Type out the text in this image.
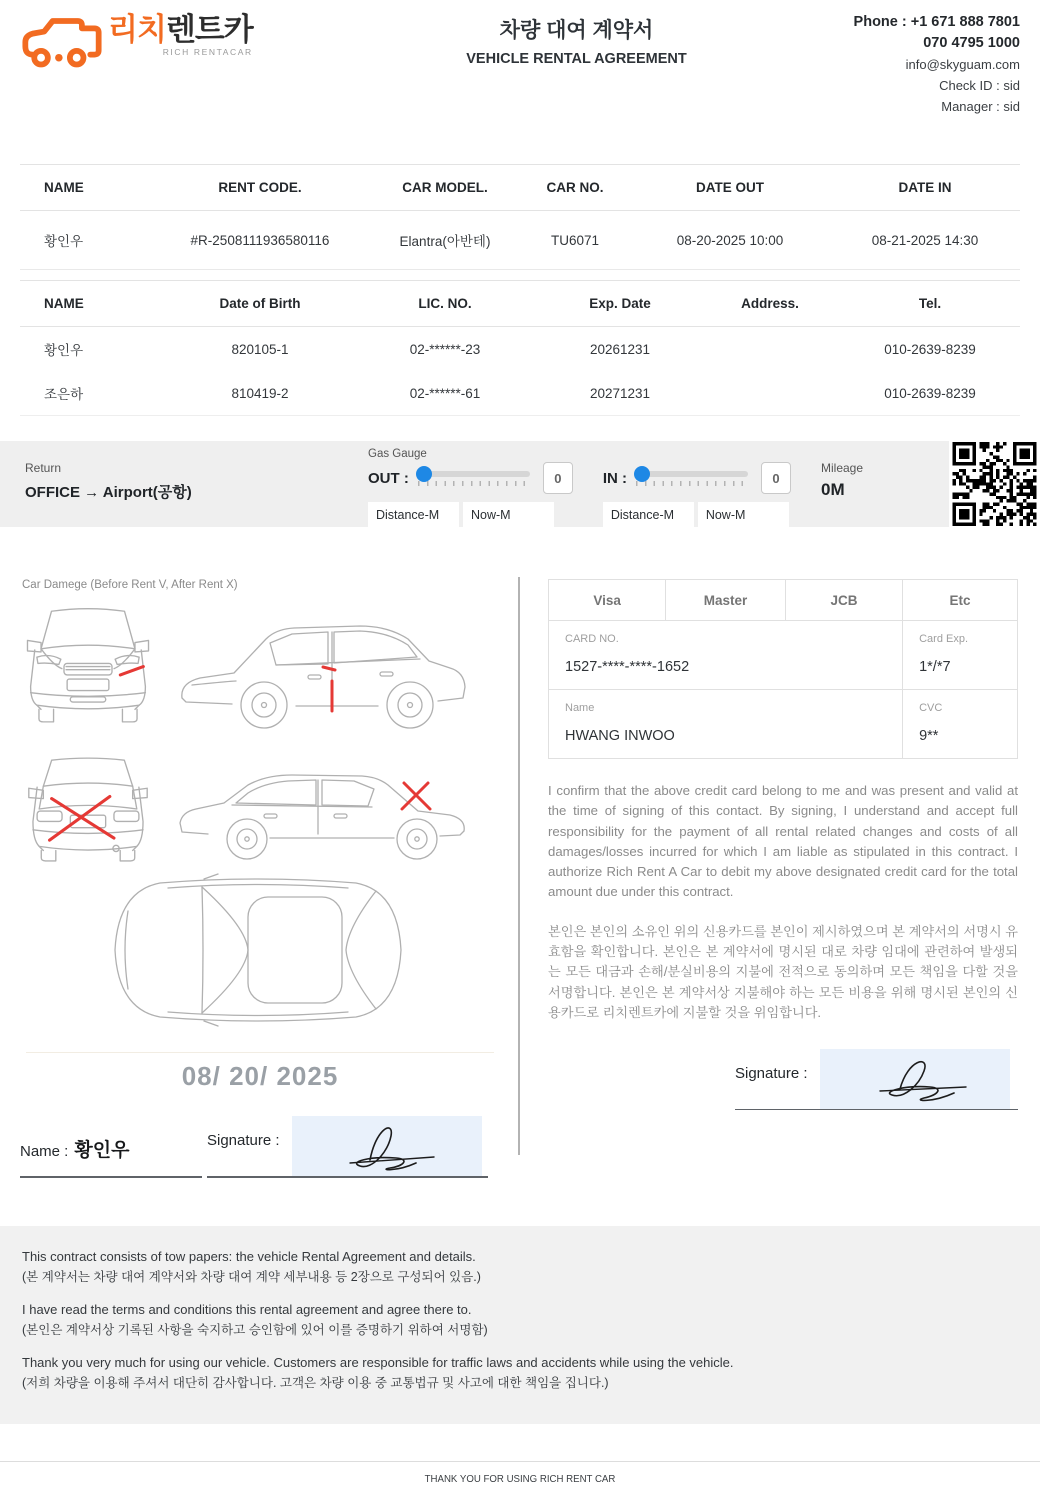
리치렌트카
RICH RENTACAR
차량 대여 계약서
VEHICLE RENTAL AGREEMENT
Phone : +1 671 888 7801
070 4795 1000
info@skyguam.com
Check ID : sid
Manager : sid
NAME	RENT CODE.	CAR MODEL.	CAR NO.	DATE OUT	DATE IN
황인우	#R-2508111936580116	Elantra(아반테)	TU6071	08-20-2025 10:00	08-21-2025 14:30
NAME	Date of Birth	LIC. NO.	Exp. Date	Address.	Tel.
황인우	820105-1	02-******-23	20261231		010-2639-8239
조은하	810419-2	02-******-61	20271231		010-2639-8239
Return
OFFICE → Airport(공항)
Gas Gauge
OUT :	0
Distance-M	Now-M
IN :	0
Distance-M	Now-M
Mileage
0M
Car Damege (Before Rent V, After Rent X)
08/ 20/ 2025
Name : 황인우	Signature :
Visa	Master	JCB	Etc

CARD NO.
1527-****-****-1652

Card Exp.
1*/*7

Name
HWANG INWOO

CVC
9**

I confirm that the above credit card belong to me and was present and valid at the time of signing of this contact. By signing, I understand and accept full responsibility for the payment of all rental related changes and costs of all damages/losses incurred for which I am liable as stipulated in this contract. I authorize Rich Rent A Car to debit my above designated credit card for the total amount due under this contract.

본인은 본인의 소유인 위의 신용카드를 본인이 제시하였으며 본 계약서의 서명시 유효함을 확인합니다. 본인은 본 계약서에 명시된 대로 차량 임대에 관련하여 발생되는 모든 대금과 손해/분실비용의 지불에 전적으로 동의하며 모든 책임을 다할 것을 서명합니다. 본인은 본 계약서상 지불해야 하는 모든 비용을 위해 명시된 본인의 신용카드로 리치렌트카에 지불할 것을 위임합니다.

Signature :
This contract consists of tow papers: the vehicle Rental Agreement and details.
(본 계약서는 차량 대여 계약서와 차량 대여 계약 세부내용 등 2장으로 구성되어 있음.)
I have read the terms and conditions this rental agreement and agree there to.
(본인은 계약서상 기록된 사항을 숙지하고 승인함에 있어 이를 증명하기 위하여 서명함)
Thank you very much for using our vehicle. Customers are responsible for traffic laws and accidents while using the vehicle.
(저희 차량을 이용해 주셔서 대단히 감사합니다. 고객은 차량 이용 중 교통법규 및 사고에 대한 책임을 집니다.)
THANK YOU FOR USING RICH RENT CAR
